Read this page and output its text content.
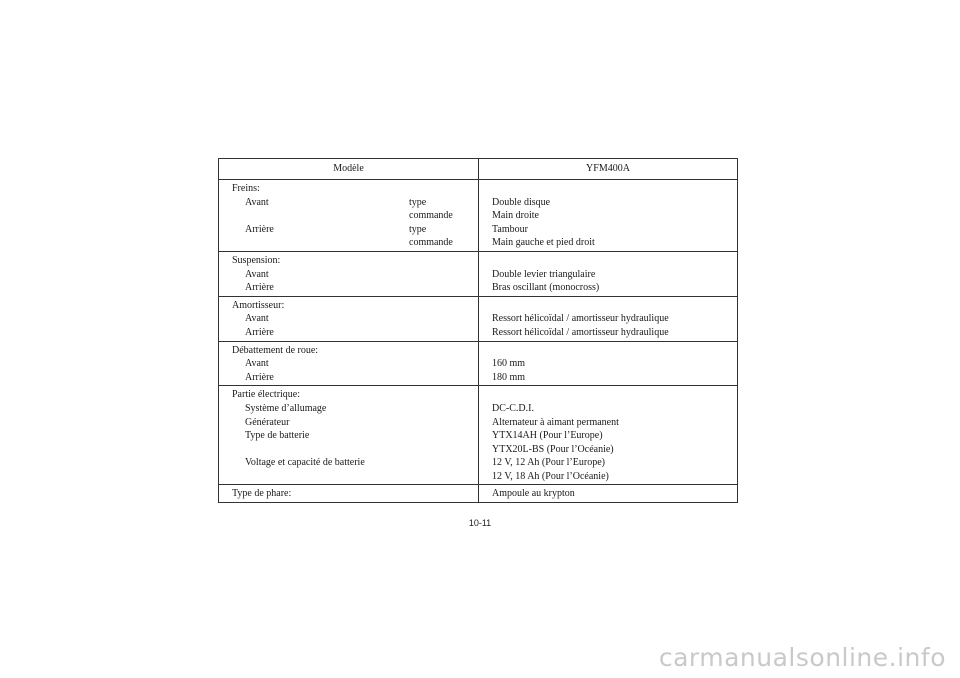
Modèle	YFM400A

Freins:	

Avant type	Double disque

commande	Main droite
Arrière type	Tambour

commande	Main gauche et pied droit

Suspension:	

Avant	Double levier triangulaire
Arrière	Bras oscillant (monocross)

Amortisseur:	

Avant	Ressort hélicoïdal / amortisseur hydraulique
Arrière	Ressort hélicoïdal / amortisseur hydraulique

Débattement de roue:	

Avant	160 mm
Arrière	180 mm

Partie électrique:	

Système d’allumage	DC-C.D.I.
Générateur	Alternateur à aimant permanent
Type de batterie	YTX14AH (Pour l’Europe)
	YTX20L-BS (Pour l’Océanie)
Voltage et capacité de batterie	12 V, 12 Ah (Pour l’Europe)
	12 V, 18 Ah (Pour l’Océanie)

Type de phare:	Ampoule au krypton
10-11
carmanualsonline.info
